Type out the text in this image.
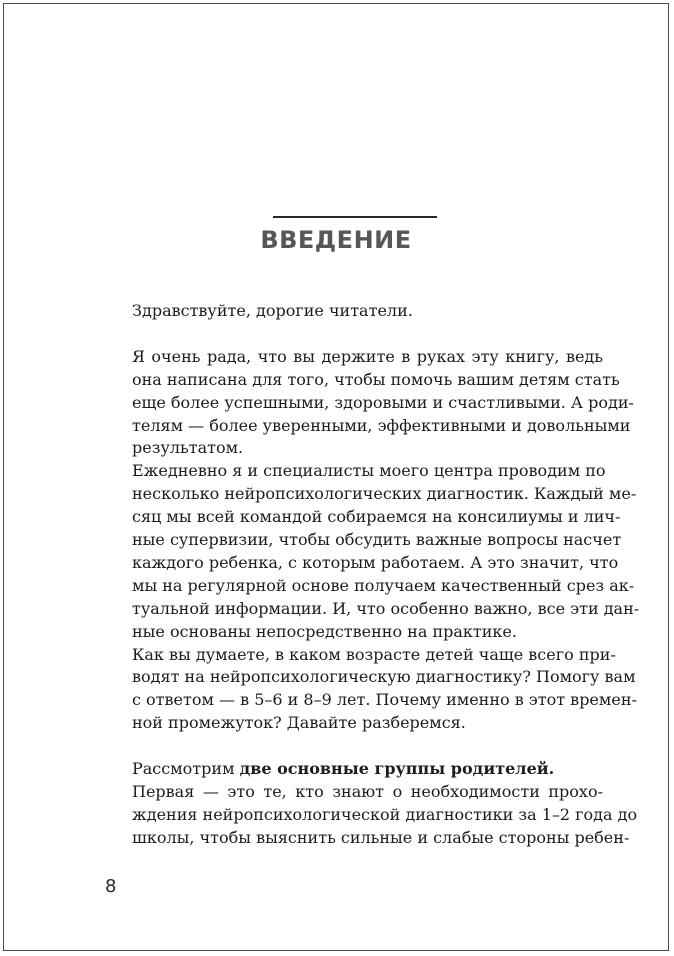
ВВЕДЕНИЕ

Здравствуйте, дорогие читатели.

Я очень рада, что вы держите в руках эту книгу, ведь
она написана для того, чтобы помочь вашим детям стать
еще более успешными, здоровыми и счастливыми. А роди-
телям — более уверенными, эффективными и довольными
результатом.

Ежедневно я и специалисты моего центра проводим по
несколько нейропсихологических диагностик. Каждый ме-
сяц мы всей командой собираемся на консилиумы и лич-
ные супервизии, чтобы обсудить важные вопросы насчет
каждого ребенка, с которым работаем. А это значит, что
мы на регулярной основе получаем качественный срез ак-
туальной информации. И, что особенно важно, все эти дан-
ные основаны непосредственно на практике.

Как вы думаете, в каком возрасте детей чаще всего при-
водят на нейропсихологическую диагностику? Помогу вам
с ответом — в 5–6 и 8–9 лет. Почему именно в этот времен-
ной промежуток? Давайте разберемся.

Рассмотрим две основные группы родителей.

Первая — это те, кто знают о необходимости прохо-
ждения нейропсихологической диагностики за 1–2 года до
школы, чтобы выяснить сильные и слабые стороны ребен-

8
